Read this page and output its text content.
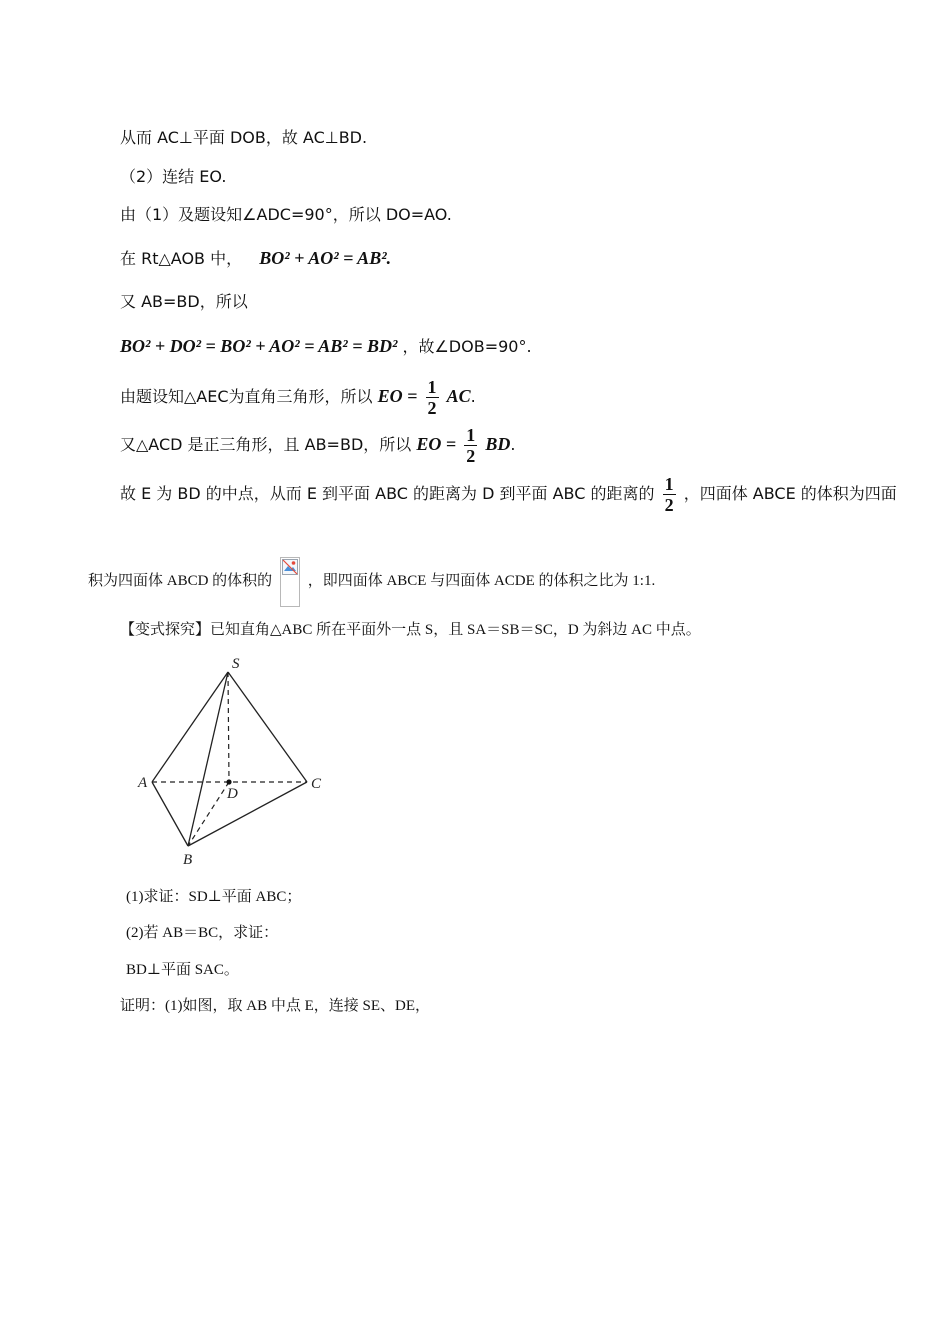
从而 AC⊥平面 DOB，故 AC⊥BD.
（2）连结 EO.
由（1）及题设知∠ADC=90°，所以 DO=AO.
在 Rt△AOB 中， BO² + AO² = AB².
又 AB=BD，所以
BO² + DO² = BO² + AO² = AB² = BD² ，故∠DOB=90°.
由题设知△AEC为直角三角形，所以 EO = $\frac{1}{2}$ AC.
又△ACD 是正三角形，且 AB=BD，所以 EO = $\frac{1}{2}$ BD.
故 E 为 BD 的中点，从而 E 到平面 ABC 的距离为 D 到平面 ABC 的距离的 $\frac{1}{2}$ ，四面体 ABCE 的体积为四面
积为四面体 ABCD 的体积的 ，即四面体 ABCE 与四面体 ACDE 的体积之比为 1:1.
【变式探究】已知直角△ABC 所在平面外一点 S，且 SA＝SB＝SC，D 为斜边 AC 中点。
S
A	C
D
B
(1)求证：SD⊥平面 ABC；
(2)若 AB＝BC，求证：
BD⊥平面 SAC。
证明：(1)如图，取 AB 中点 E，连接 SE、DE，
